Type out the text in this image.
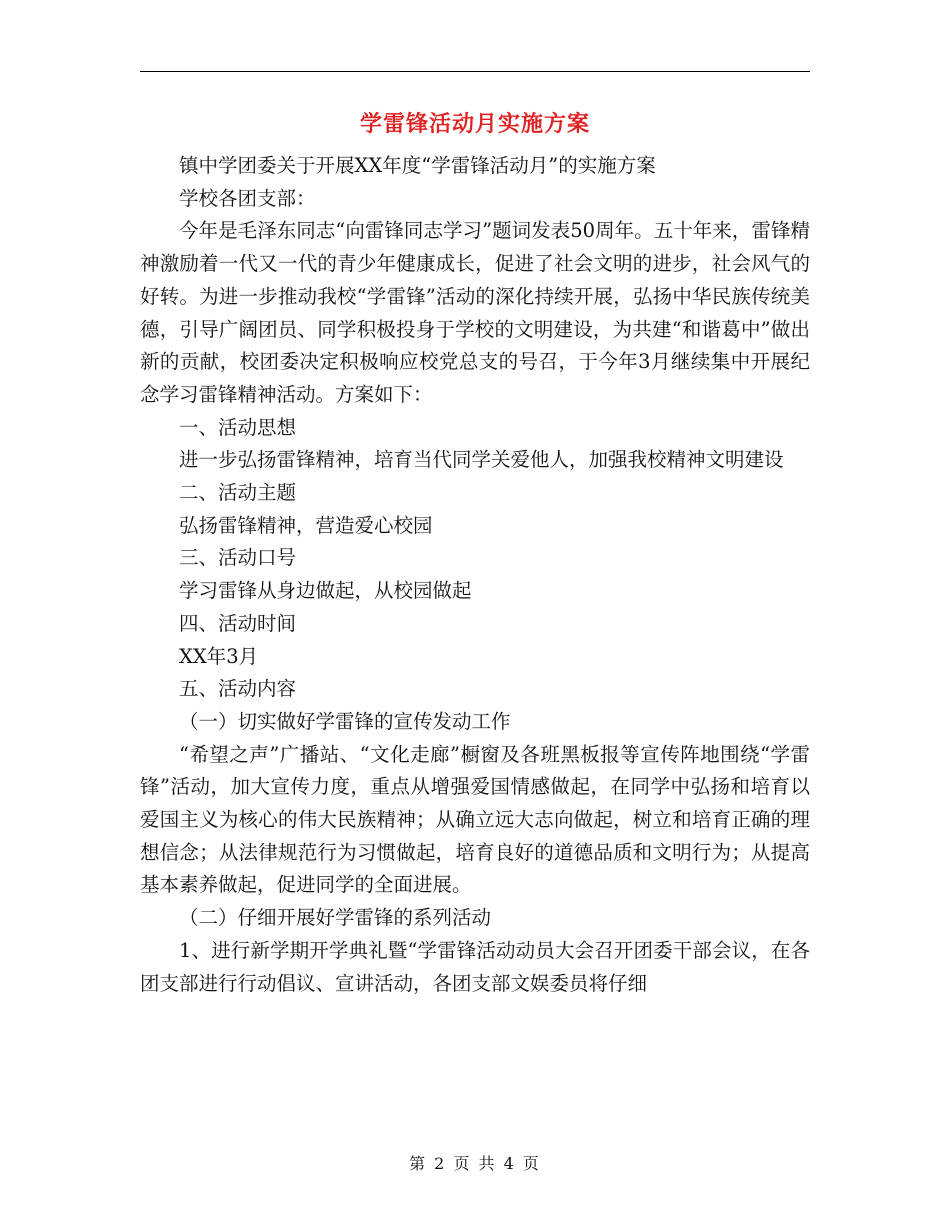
学雷锋活动月实施方案

镇中学团委关于开展XX年度“学雷锋活动月”的实施方案

学校各团支部：

今年是毛泽东同志“向雷锋同志学习”题词发表50周年。五十年来，雷锋精神激励着一代又一代的青少年健康成长，促进了社会文明的进步，社会风气的好转。为进一步推动我校“学雷锋”活动的深化持续开展，弘扬中华民族传统美德，引导广阔团员、同学积极投身于学校的文明建设，为共建“和谐葛中”做出新的贡献，校团委决定积极响应校党总支的号召，于今年3月继续集中开展纪念学习雷锋精神活动。方案如下：

一、活动思想

进一步弘扬雷锋精神，培育当代同学关爱他人，加强我校精神文明建设

二、活动主题

弘扬雷锋精神，营造爱心校园

三、活动口号

学习雷锋从身边做起，从校园做起

四、活动时间

XX年3月

五、活动内容

（一）切实做好学雷锋的宣传发动工作

“希望之声”广播站、“文化走廊”橱窗及各班黑板报等宣传阵地围绕“学雷锋”活动，加大宣传力度，重点从增强爱国情感做起，在同学中弘扬和培育以爱国主义为核心的伟大民族精神；从确立远大志向做起，树立和培育正确的理想信念；从法律规范行为习惯做起，培育良好的道德品质和文明行为；从提高基本素养做起，促进同学的全面进展。

（二）仔细开展好学雷锋的系列活动

1、进行新学期开学典礼暨“学雷锋活动动员大会召开团委干部会议，在各团支部进行行动倡议、宣讲活动，各团支部文娱委员将仔细

第 2 页 共 4 页
